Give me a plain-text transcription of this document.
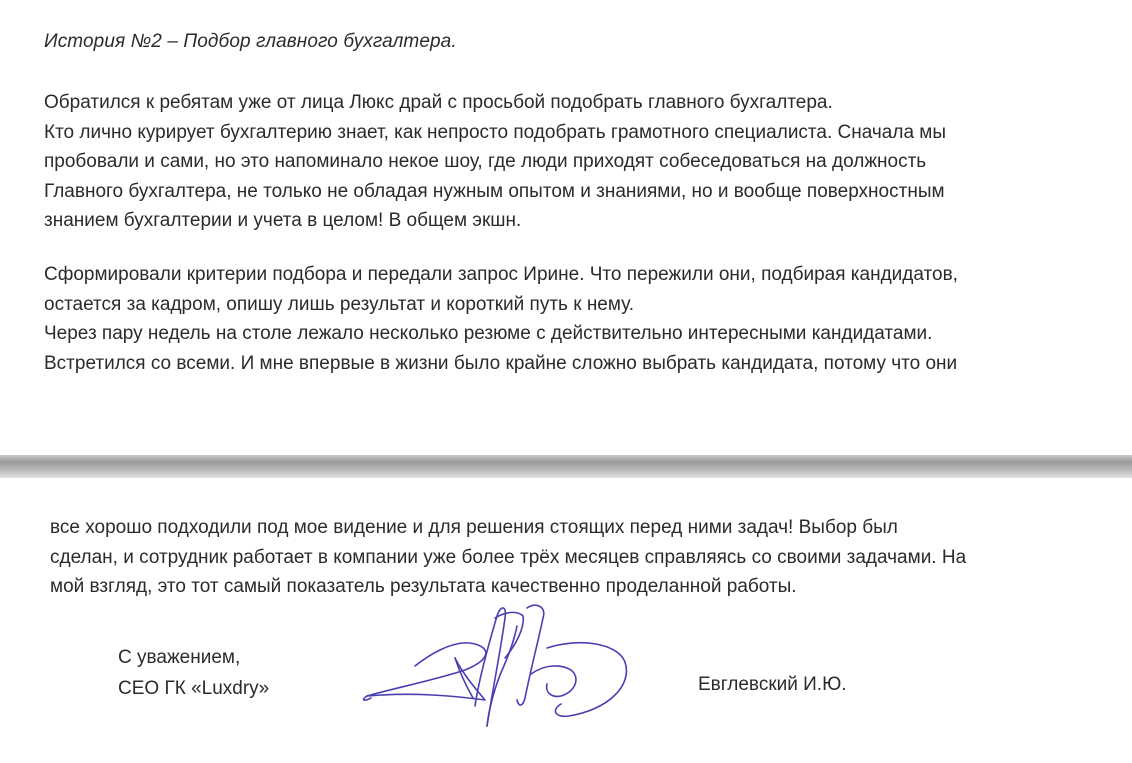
История №2 – Подбор главного бухгалтера.

Обратился к ребятам уже от лица Люкс драй с просьбой подобрать главного бухгалтера.
Кто лично курирует бухгалтерию знает, как непросто подобрать грамотного специалиста. Сначала мы
пробовали и сами, но это напоминало некое шоу, где люди приходят собеседоваться на должность
Главного бухгалтера, не только не обладая нужным опытом и знаниями, но и вообще поверхностным
знанием бухгалтерии и учета в целом! В общем экшн.

Сформировали критерии подбора и передали запрос Ирине. Что пережили они, подбирая кандидатов,
остается за кадром, опишу лишь результат и короткий путь к нему.
Через пару недель на столе лежало несколько резюме с действительно интересными кандидатами.
Встретился со всеми. И мне впервые в жизни было крайне сложно выбрать кандидата, потому что они

все хорошо подходили под мое видение и для решения стоящих перед ними задач! Выбор был
сделан, и сотрудник работает в компании уже более трёх месяцев справляясь со своими задачами. На
мой взгляд, это тот самый показатель результата качественно проделанной работы.

С уважением,
CEO ГК «Luxdry»	Евглевский И.Ю.
